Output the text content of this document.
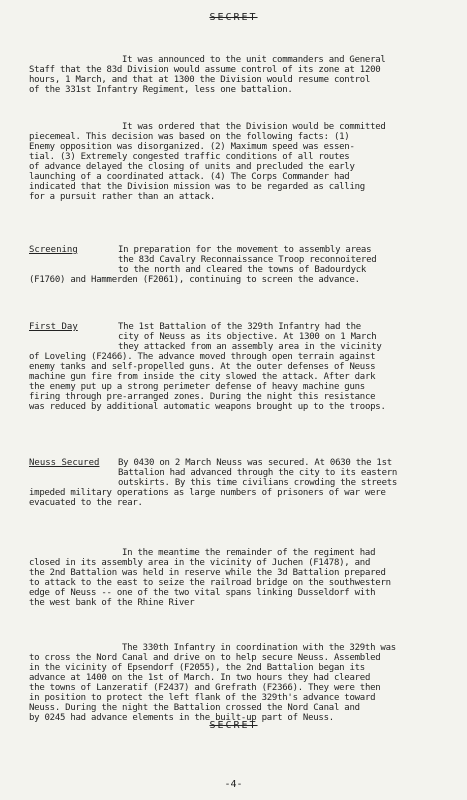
SECRET
It was announced to the unit commanders and General
Staff that the 83d Division would assume control of its zone at 1200
hours, 1 March, and that at 1300 the Division would resume control
of the 331st Infantry Regiment, less one battalion.
It was ordered that the Division would be committed
piecemeal. This decision was based on the following facts: (1)
Enemy opposition was disorganized. (2) Maximum speed was essen-
tial. (3) Extremely congested traffic conditions of all routes
of advance delayed the closing of units and precluded the early
launching of a coordinated attack. (4) The Corps Commander had
indicated that the Division mission was to be regarded as calling
for a pursuit rather than an attack.
Screening	In preparation for the movement to assembly areas
the 83d Cavalry Reconnaissance Troop reconnoitered
to the north and cleared the towns of Badourdyck
(F1760) and Hammerden (F2061), continuing to screen the advance.
First Day	The 1st Battalion of the 329th Infantry had the
city of Neuss as its objective. At 1300 on 1 March
they attacked from an assembly area in the vicinity
of Loveling (F2466). The advance moved through open terrain against
enemy tanks and self-propelled guns. At the outer defenses of Neuss
machine gun fire from inside the city slowed the attack. After dark
the enemy put up a strong perimeter defense of heavy machine guns
firing through pre-arranged zones. During the night this resistance
was reduced by additional automatic weapons brought up to the troops.
Neuss Secured	By 0430 on 2 March Neuss was secured. At 0630 the 1st
Battalion had advanced through the city to its eastern
outskirts. By this time civilians crowding the streets
impeded military operations as large numbers of prisoners of war were
evacuated to the rear.
In the meantime the remainder of the regiment had
closed in its assembly area in the vicinity of Juchen (F1478), and
the 2nd Battalion was held in reserve while the 3d Battalion prepared
to attack to the east to seize the railroad bridge on the southwestern
edge of Neuss -- one of the two vital spans linking Dusseldorf with
the west bank of the Rhine River
The 330th Infantry in coordination with the 329th was
to cross the Nord Canal and drive on to help secure Neuss. Assembled
in the vicinity of Epsendorf (F2055), the 2nd Battalion began its
advance at 1400 on the 1st of March. In two hours they had cleared
the towns of Lanzeratif (F2437) and Grefrath (F2366). They were then
in position to protect the left flank of the 329th's advance toward
Neuss. During the night the Battalion crossed the Nord Canal and
by 0245 had advance elements in the built-up part of Neuss.
SECRET
-4-
